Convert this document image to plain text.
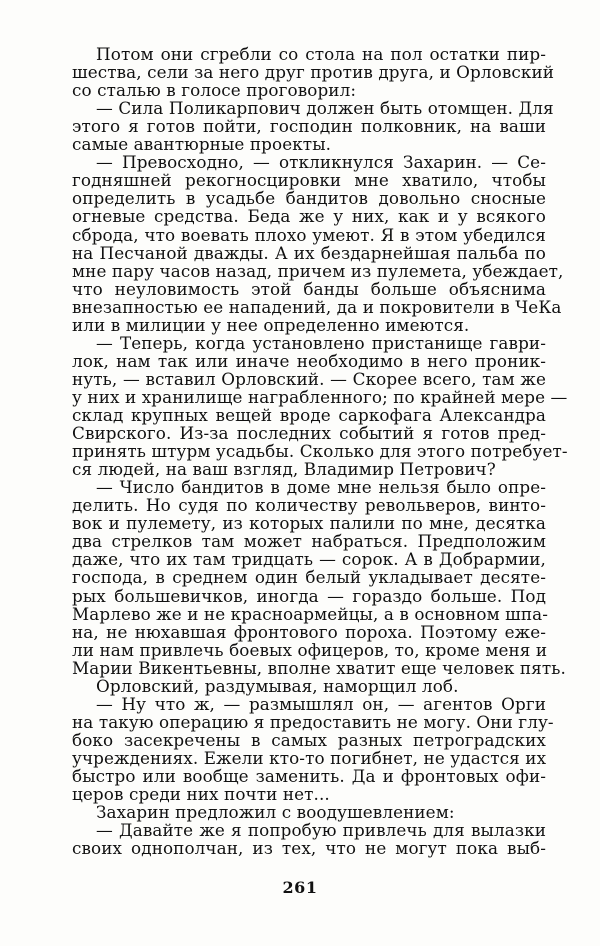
Потом они сгребли со стола на пол остатки пир-
шества, сели за него друг против друга, и Орловский
со сталью в голосе проговорил:
— Сила Поликарпович должен быть отомщен. Для
этого я готов пойти, господин полковник, на ваши
самые авантюрные проекты.
— Превосходно, — откликнулся Захарин. — Се-
годняшней рекогносцировки мне хватило, чтобы
определить в усадьбе бандитов довольно сносные
огневые средства. Беда же у них, как и у всякого
сброда, что воевать плохо умеют. Я в этом убедился
на Песчаной дважды. А их бездарнейшая пальба по
мне пару часов назад, причем из пулемета, убеждает,
что неуловимость этой банды больше объяснима
внезапностью ее нападений, да и покровители в ЧеКа
или в милиции у нее определенно имеются.
— Теперь, когда установлено пристанище гаври-
лок, нам так или иначе необходимо в него проник-
нуть, — вставил Орловский. — Скорее всего, там же
у них и хранилище награбленного; по крайней мере —
склад крупных вещей вроде саркофага Александра
Свирского. Из-за последних событий я готов пред-
принять штурм усадьбы. Сколько для этого потребует-
ся людей, на ваш взгляд, Владимир Петрович?
— Число бандитов в доме мне нельзя было опре-
делить. Но судя по количеству револьверов, винто-
вок и пулемету, из которых палили по мне, десятка
два стрелков там может набраться. Предположим
даже, что их там тридцать — сорок. А в Добрармии,
господа, в среднем один белый укладывает десяте-
рых большевичков, иногда — гораздо больше. Под
Марлево же и не красноармейцы, а в основном шпа-
на, не нюхавшая фронтового пороха. Поэтому еже-
ли нам привлечь боевых офицеров, то, кроме меня и
Марии Викентьевны, вполне хватит еще человек пять.
Орловский, раздумывая, наморщил лоб.
— Ну что ж, — размышлял он, — агентов Орги
на такую операцию я предоставить не могу. Они глу-
боко засекречены в самых разных петроградских
учреждениях. Ежели кто-то погибнет, не удастся их
быстро или вообще заменить. Да и фронтовых офи-
церов среди них почти нет...
Захарин предложил с воодушевлением:
— Давайте же я попробую привлечь для вылазки
своих однополчан, из тех, что не могут пока выб-
261
